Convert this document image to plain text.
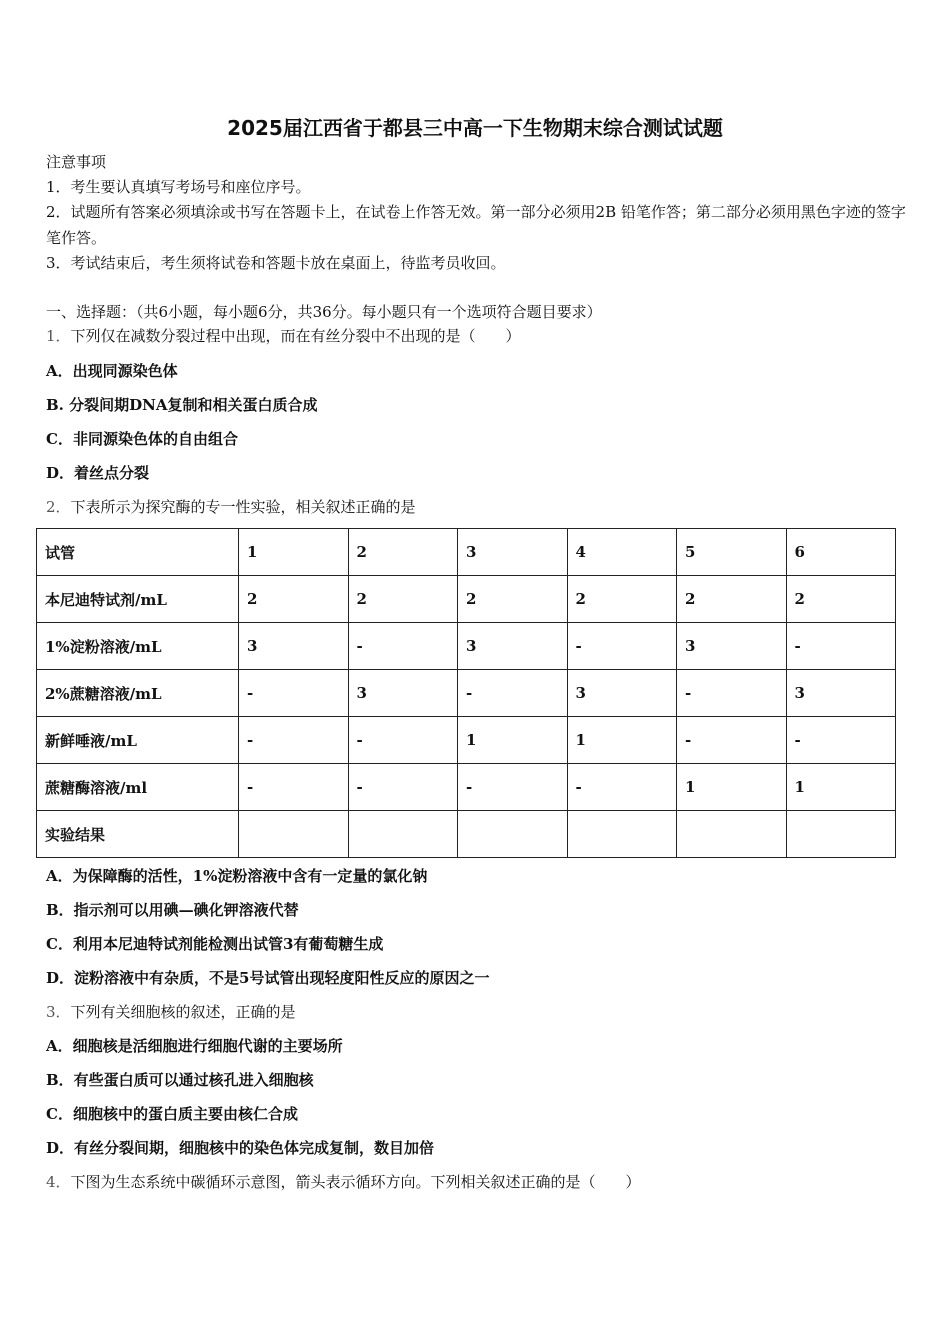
2025届江西省于都县三中高一下生物期末综合测试试题
注意事项
1．考生要认真填写考场号和座位序号。
2．试题所有答案必须填涂或书写在答题卡上，在试卷上作答无效。第一部分必须用2B 铅笔作答；第二部分必须用黑色字迹的签字笔作答。
3．考试结束后，考生须将试卷和答题卡放在桌面上，待监考员收回。
一、选择题：（共6小题，每小题6分，共36分。每小题只有一个选项符合题目要求）
1．下列仅在减数分裂过程中出现，而在有丝分裂中不出现的是（　　）
A．出现同源染色体
B. 分裂间期DNA复制和相关蛋白质合成
C．非同源染色体的自由组合
D．着丝点分裂
2．下表所示为探究酶的专一性实验，相关叙述正确的是
试管	1	2	3	4	5	6
本尼迪特试剂/mL	2	2	2	2	2	2
1%淀粉溶液/mL	3	-	3	-	3	-
2%蔗糖溶液/mL	-	3	-	3	-	3
新鲜唾液/mL	-	-	1	1	-	-
蔗糖酶溶液/ml	-	-	-	-	1	1
实验结果						
A．为保障酶的活性，1%淀粉溶液中含有一定量的氯化钠
B．指示剂可以用碘—碘化钾溶液代替
C．利用本尼迪特试剂能检测出试管3有葡萄糖生成
D．淀粉溶液中有杂质，不是5号试管出现轻度阳性反应的原因之一
3．下列有关细胞核的叙述，正确的是
A．细胞核是活细胞进行细胞代谢的主要场所
B．有些蛋白质可以通过核孔进入细胞核
C．细胞核中的蛋白质主要由核仁合成
D．有丝分裂间期，细胞核中的染色体完成复制，数目加倍
4．下图为生态系统中碳循环示意图，箭头表示循环方向。下列相关叙述正确的是（　　）
